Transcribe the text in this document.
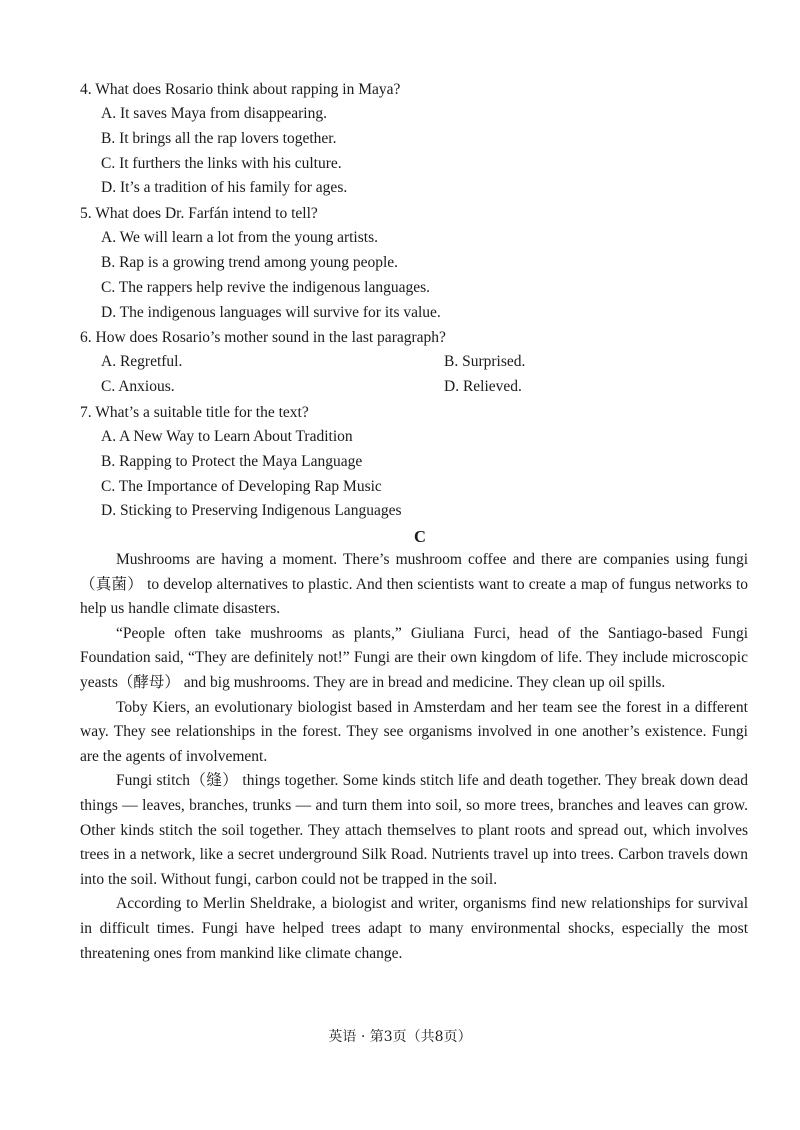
4. What does Rosario think about rapping in Maya?
A. It saves Maya from disappearing.
B. It brings all the rap lovers together.
C. It furthers the links with his culture.
D. It’s a tradition of his family for ages.
5. What does Dr. Farfán intend to tell?
A. We will learn a lot from the young artists.
B. Rap is a growing trend among young people.
C. The rappers help revive the indigenous languages.
D. The indigenous languages will survive for its value.
6. How does Rosario’s mother sound in the last paragraph?
A. Regretful.	B. Surprised.
C. Anxious.	D. Relieved.
7. What’s a suitable title for the text?
A. A New Way to Learn About Tradition
B. Rapping to Protect the Maya Language
C. The Importance of Developing Rap Music
D. Sticking to Preserving Indigenous Languages
C

Mushrooms are having a moment. There’s mushroom coffee and there are companies using fungi（真菌） to develop alternatives to plastic. And then scientists want to create a map of fungus networks to help us handle climate disasters.

“People often take mushrooms as plants,” Giuliana Furci, head of the Santiago-based Fungi Foundation said, “They are definitely not!” Fungi are their own kingdom of life. They include microscopic yeasts（酵母） and big mushrooms. They are in bread and medicine. They clean up oil spills.

Toby Kiers, an evolutionary biologist based in Amsterdam and her team see the forest in a different way. They see relationships in the forest. They see organisms involved in one another’s existence. Fungi are the agents of involvement.

Fungi stitch（缝） things together. Some kinds stitch life and death together. They break down dead things — leaves, branches, trunks — and turn them into soil, so more trees, branches and leaves can grow. Other kinds stitch the soil together. They attach themselves to plant roots and spread out, which involves trees in a network, like a secret underground Silk Road. Nutrients travel up into trees. Carbon travels down into the soil. Without fungi, carbon could not be trapped in the soil.

According to Merlin Sheldrake, a biologist and writer, organisms find new relationships for survival in difficult times. Fungi have helped trees adapt to many environmental shocks, especially the most threatening ones from mankind like climate change.

英语 · 第3页（共8页）
